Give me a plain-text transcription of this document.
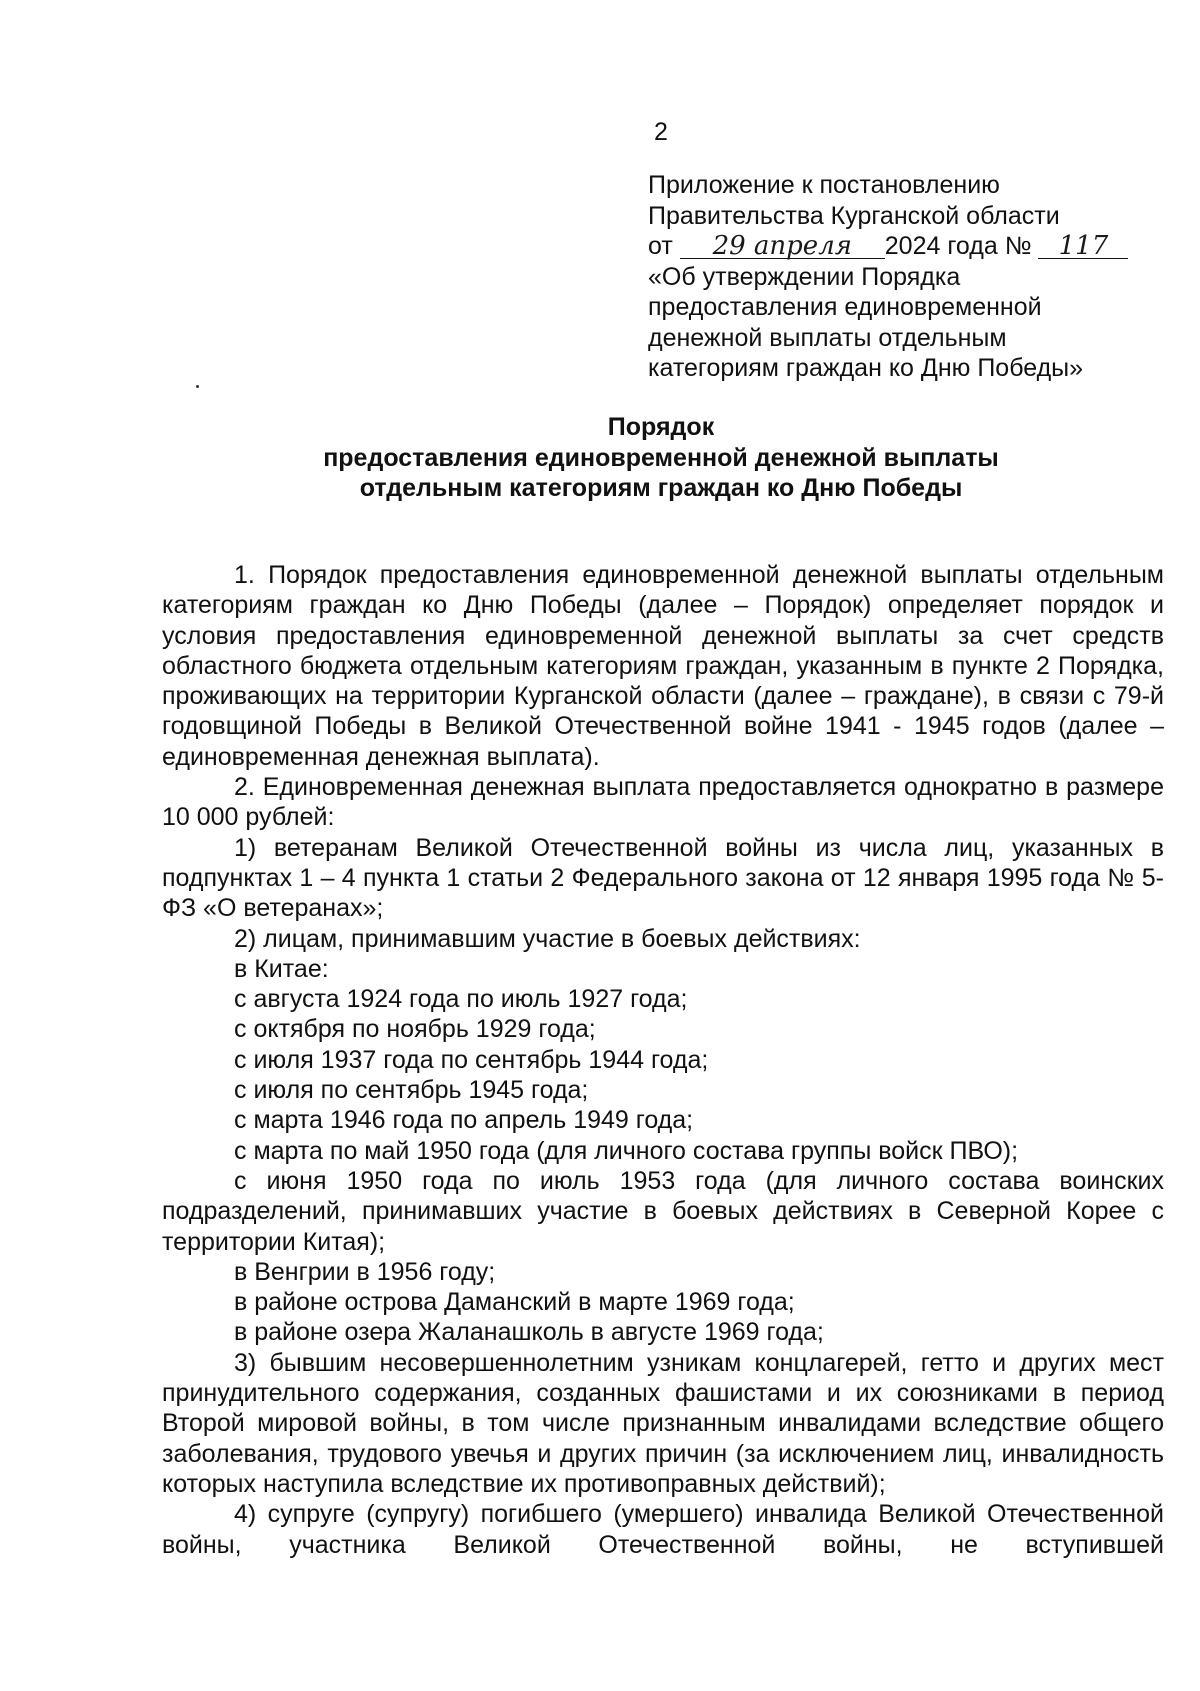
2
Приложение к постановлению
Правительства Курганской области
от 29 апреля 2024 года № 117
«Об утверждении Порядка
предоставления единовременной
денежной выплаты отдельным
категориям граждан ко Дню Победы»
Порядок
предоставления единовременной денежной выплаты
отдельным категориям граждан ко Дню Победы
1. Порядок предоставления единовременной денежной выплаты отдельным категориям граждан ко Дню Победы (далее – Порядок) определяет порядок и условия предоставления единовременной денежной выплаты за счет средств областного бюджета отдельным категориям граждан, указанным в пункте 2 Порядка, проживающих на территории Курганской области (далее – граждане), в связи с 79-й годовщиной Победы в Великой Отечественной войне 1941 - 1945 годов (далее – единовременная денежная выплата).
2. Единовременная денежная выплата предоставляется однократно в размере 10 000 рублей:
1) ветеранам Великой Отечественной войны из числа лиц, указанных в подпунктах 1 – 4 пункта 1 статьи 2 Федерального закона от 12 января 1995 года № 5-ФЗ «О ветеранах»;
2) лицам, принимавшим участие в боевых действиях:
в Китае:
с августа 1924 года по июль 1927 года;
с октября по ноябрь 1929 года;
с июля 1937 года по сентябрь 1944 года;
с июля по сентябрь 1945 года;
с марта 1946 года по апрель 1949 года;
с марта по май 1950 года (для личного состава группы войск ПВО);
с июня 1950 года по июль 1953 года (для личного состава воинских подразделений, принимавших участие в боевых действиях в Северной Корее с территории Китая);
в Венгрии в 1956 году;
в районе острова Даманский в марте 1969 года;
в районе озера Жаланашколь в августе 1969 года;
3) бывшим несовершеннолетним узникам концлагерей, гетто и других мест принудительного содержания, созданных фашистами и их союзниками в период Второй мировой войны, в том числе признанным инвалидами вследствие общего заболевания, трудового увечья и других причин (за исключением лиц, инвалидность которых наступила вследствие их противоправных действий);
4) супруге (супругу) погибшего (умершего) инвалида Великой Отечественной войны, участника Великой Отечественной войны, не вступившей
